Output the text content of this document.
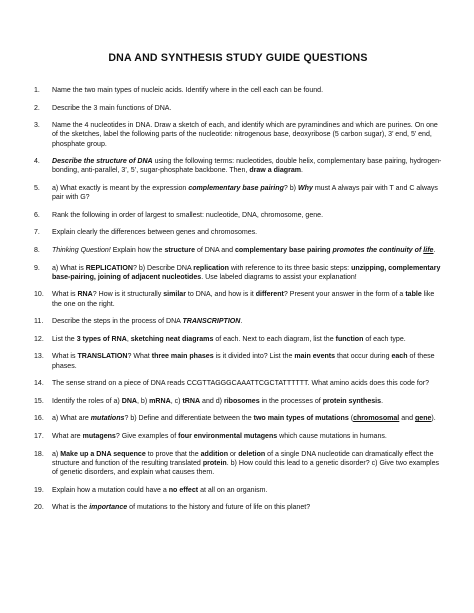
DNA AND SYNTHESIS STUDY GUIDE QUESTIONS
1.	Name the two main types of nucleic acids. Identify where in the cell each can be found.
2.	Describe the 3 main functions of DNA.
3.	Name the 4 nucleotides in DNA. Draw a sketch of each, and identify which are pyramindines and which are purines. On one of the sketches, label the following parts of the nucleotide: nitrogenous base, deoxyribose (5 carbon sugar), 3’ end, 5’ end, phosphate group.
4.	Describe the structure of DNA using the following terms: nucleotides, double helix, complementary base pairing, hydrogen-bonding, anti-parallel, 3’, 5’, sugar-phosphate backbone. Then, draw a diagram.
5.	a) What exactly is meant by the expression complementary base pairing? b) Why must A always pair with T and C always pair with G?
6.	Rank the following in order of largest to smallest: nucleotide, DNA, chromosome, gene.
7.	Explain clearly the differences between genes and chromosomes.
8.	Thinking Question! Explain how the structure of DNA and complementary base pairing promotes the continuity of life.
9.	a) What is REPLICATION? b) Describe DNA replication with reference to its three basic steps: unzipping, complementary base-pairing, joining of adjacent nucleotides. Use labeled diagrams to assist your explanation!
10.	What is RNA? How is it structurally similar to DNA, and how is it different? Present your answer in the form of a table like the one on the right.
11.	Describe the steps in the process of DNA TRANSCRIPTION.
12.	List the 3 types of RNA, sketching neat diagrams of each. Next to each diagram, list the function of each type.
13.	What is TRANSLATION? What three main phases is it divided into? List the main events that occur during each of these phases.
14.	The sense strand on a piece of DNA reads CCGTTAGGGCAAATTCGCTATTTTTT. What amino acids does this code for?
15.	Identify the roles of a) DNA, b) mRNA, c) tRNA and d) ribosomes in the processes of protein synthesis.
16.	a) What are mutations? b) Define and differentiate between the two main types of mutations (chromosomal and gene).
17.	What are mutagens? Give examples of four environmental mutagens which cause mutations in humans.
18.	a) Make up a DNA sequence to prove that the addition or deletion of a single DNA nucleotide can dramatically effect the structure and function of the resulting translated protein. b) How could this lead to a genetic disorder? c) Give two examples of genetic disorders, and explain what causes them.
19.	Explain how a mutation could have a no effect at all on an organism.
20.	What is the importance of mutations to the history and future of life on this planet?
